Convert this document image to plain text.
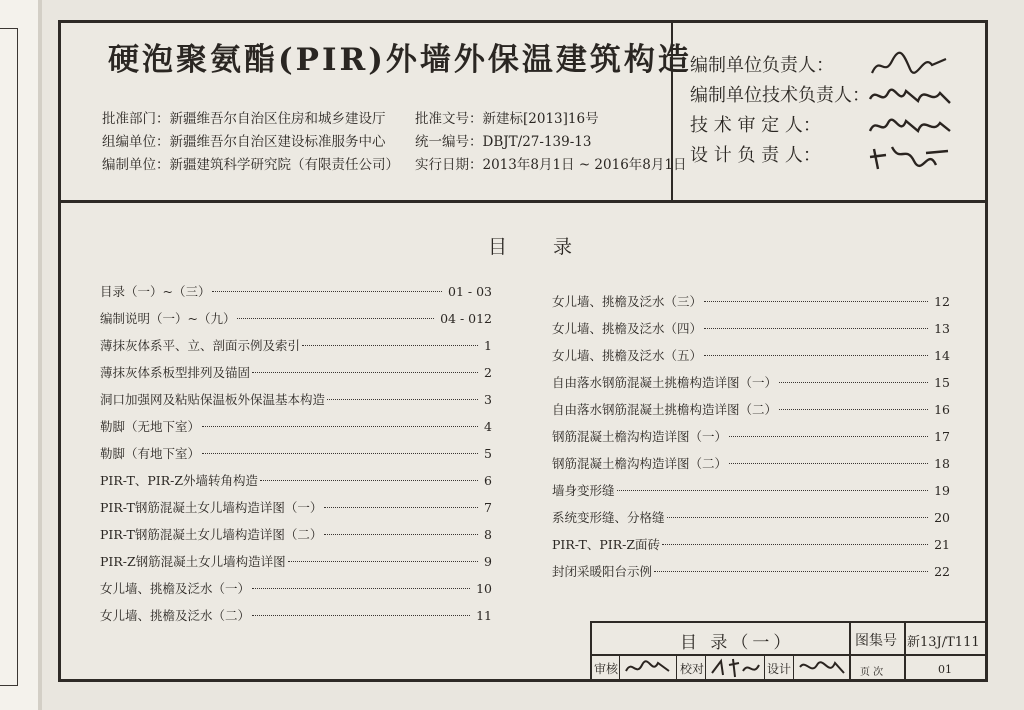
硬泡聚氨酯(PIR)外墙外保温建筑构造
批准部门：新疆维吾尔自治区住房和城乡建设厅
组编单位：新疆维吾尔自治区建设标准服务中心
编制单位：新疆建筑科学研究院（有限责任公司）
批准文号：新建标[2013]16号
统一编号：DBJT/27-139-13
实行日期：2013年8月1日 ~ 2016年8月1日
编制单位负责人：
编制单位技术负责人：
技 术 审 定 人：
设 计 负 责 人：
目 录
目录（一）~（三）	01 - 03
编制说明（一）~（九）	04 - 012
薄抹灰体系平、立、剖面示例及索引	1
薄抹灰体系板型排列及锚固	2
洞口加强网及粘贴保温板外保温基本构造	3
勒脚（无地下室）	4
勒脚（有地下室）	5
PIR-T、PIR-Z外墙转角构造	6
PIR-T钢筋混凝土女儿墙构造详图（一）	7
PIR-T钢筋混凝土女儿墙构造详图（二）	8
PIR-Z钢筋混凝土女儿墙构造详图	9
女儿墙、挑檐及泛水（一）	10
女儿墙、挑檐及泛水（二）	11
女儿墙、挑檐及泛水（三）	12
女儿墙、挑檐及泛水（四）	13
女儿墙、挑檐及泛水（五）	14
自由落水钢筋混凝土挑檐构造详图（一）	15
自由落水钢筋混凝土挑檐构造详图（二）	16
钢筋混凝土檐沟构造详图（一）	17
钢筋混凝土檐沟构造详图（二）	18
墙身变形缝	19
系统变形缝、分格缝	20
PIR-T、PIR-Z面砖	21
封闭采暖阳台示例	22
目 录（一）	图集号 新13J/T111
审核	校对	设计	页 次	01
